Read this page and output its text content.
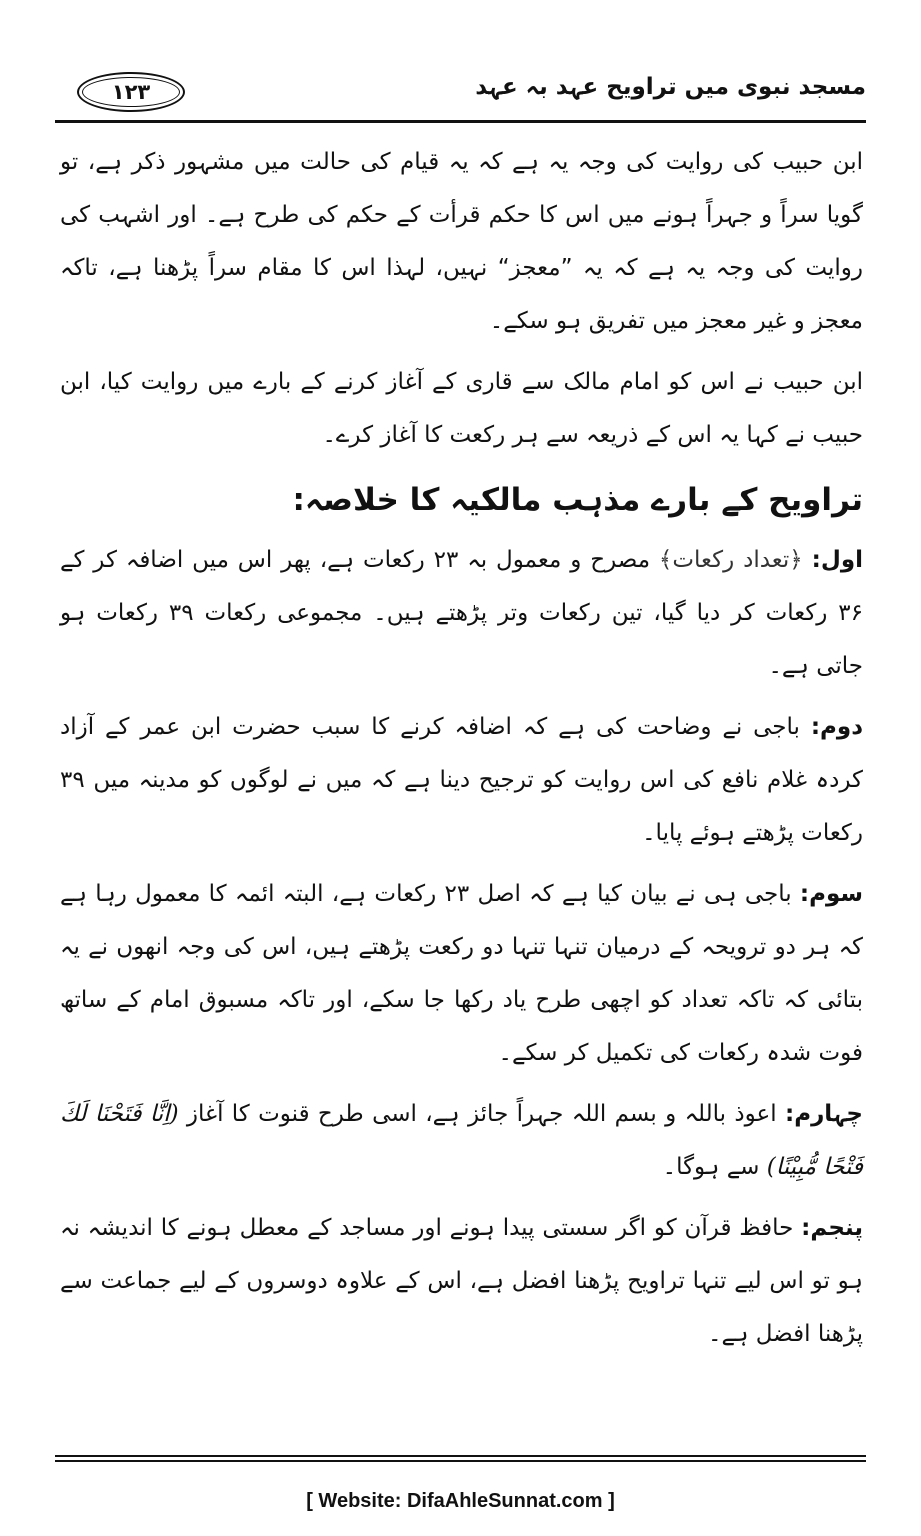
مسجد نبوی میں تراویح عہد بہ عہد
۱۲۳

ابن حبیب کی روایت کی وجہ یہ ہے کہ یہ قیام کی حالت میں مشہور ذکر ہے، تو گویا سراً و جہراً ہونے میں اس کا حکم قرأت کے حکم کی طرح ہے۔ اور اشہب کی روایت کی وجہ یہ ہے کہ یہ ”معجز“ نہیں، لہذا اس کا مقام سراً پڑھنا ہے، تاکہ معجز و غیر معجز میں تفریق ہو سکے۔

ابن حبیب نے اس کو امام مالک سے قاری کے آغاز کرنے کے بارے میں روایت کیا، ابن حبیب نے کہا یہ اس کے ذریعہ سے ہر رکعت کا آغاز کرے۔

تراویح کے بارے مذہب مالکیہ کا خلاصہ:

اول: ﴿تعداد رکعات﴾ مصرح و معمول بہ ۲۳ رکعات ہے، پھر اس میں اضافہ کر کے ۳۶ رکعات کر دیا گیا، تین رکعات وتر پڑھتے ہیں۔ مجموعی رکعات ۳۹ رکعات ہو جاتی ہے۔

دوم: باجی نے وضاحت کی ہے کہ اضافہ کرنے کا سبب حضرت ابن عمر کے آزاد کردہ غلام نافع کی اس روایت کو ترجیح دینا ہے کہ میں نے لوگوں کو مدینہ میں ۳۹ رکعات پڑھتے ہوئے پایا۔

سوم: باجی ہی نے بیان کیا ہے کہ اصل ۲۳ رکعات ہے، البتہ ائمہ کا معمول رہا ہے کہ ہر دو ترویحہ کے درمیان تنہا تنہا دو رکعت پڑھتے ہیں، اس کی وجہ انھوں نے یہ بتائی کہ تاکہ تعداد کو اچھی طرح یاد رکھا جا سکے، اور تاکہ مسبوق امام کے ساتھ فوت شدہ رکعات کی تکمیل کر سکے۔

چہارم: اعوذ باللہ و بسم اللہ جہراً جائز ہے، اسی طرح قنوت کا آغاز (اِنَّا فَتَحْنَا لَكَ فَتْحًا مُّبِيْنًا) سے ہوگا۔

پنجم: حافظ قرآن کو اگر سستی پیدا ہونے اور مساجد کے معطل ہونے کا اندیشہ نہ ہو تو اس لیے تنہا تراویح پڑھنا افضل ہے، اس کے علاوہ دوسروں کے لیے جماعت سے پڑھنا افضل ہے۔

[ Website: DifaAhleSunnat.com ]
